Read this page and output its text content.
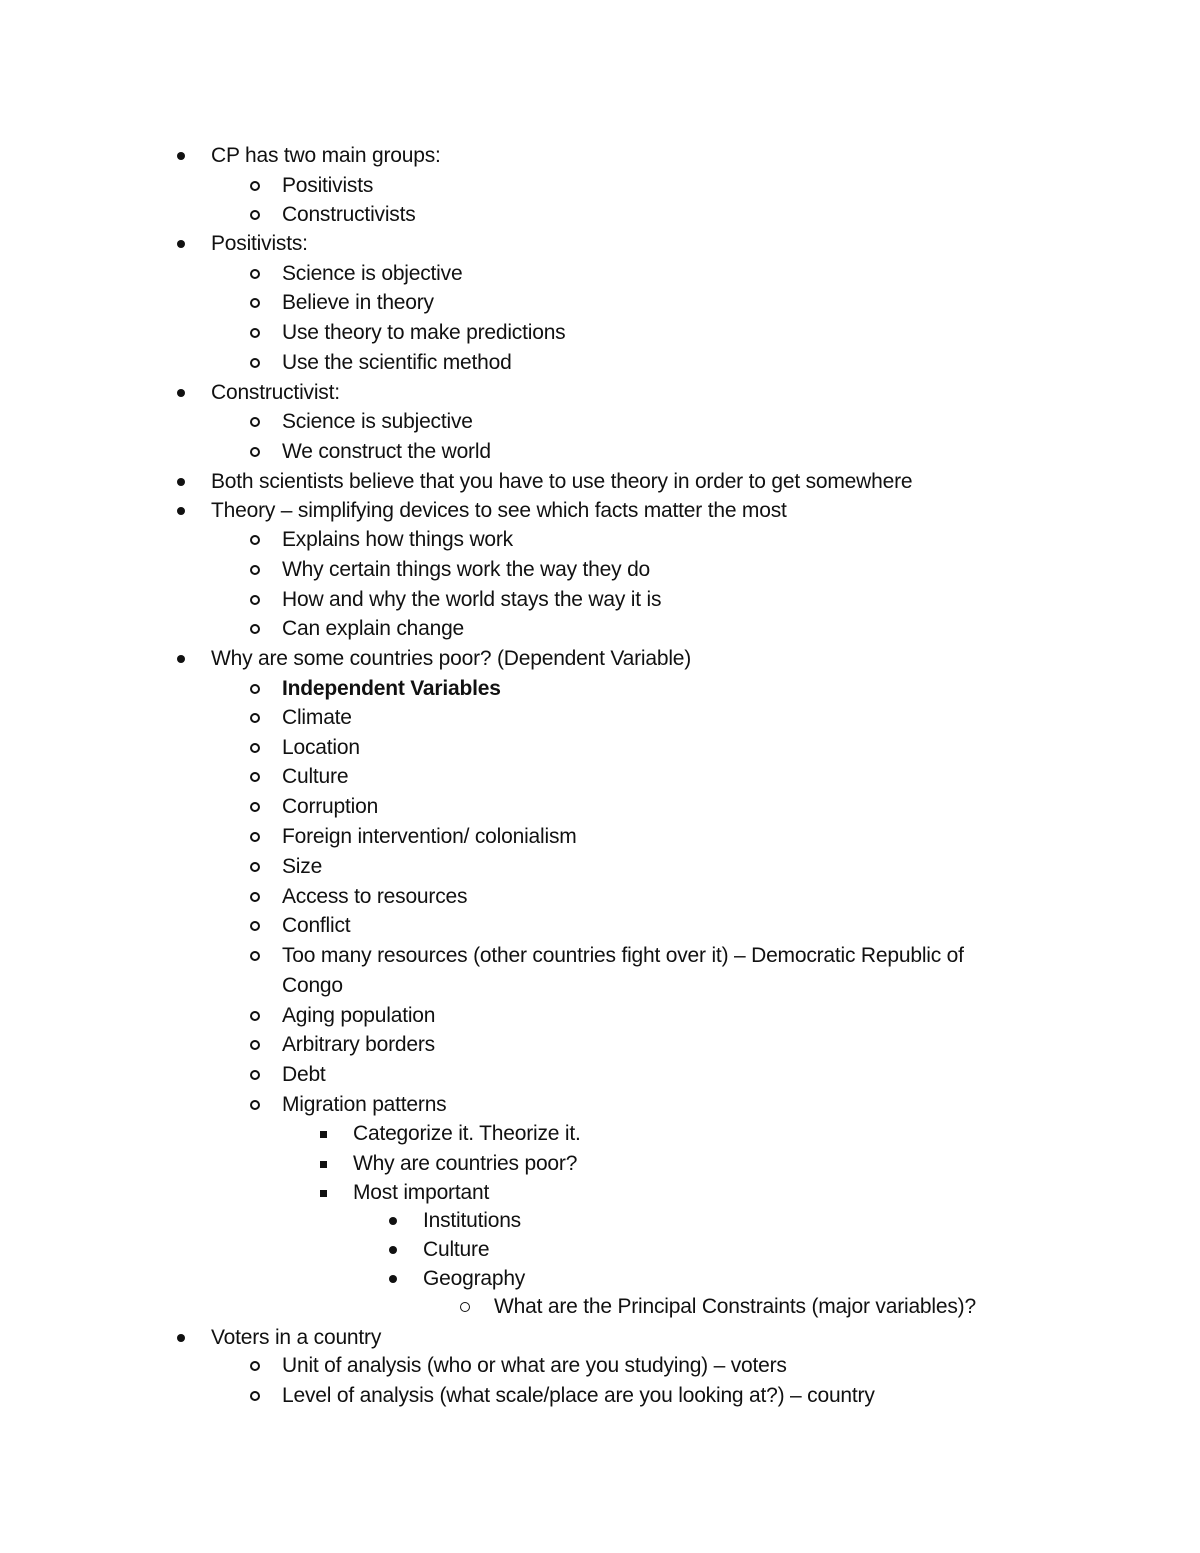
CP has two main groups:
Positivists
Constructivists
Positivists:
Science is objective
Believe in theory
Use theory to make predictions
Use the scientific method
Constructivist:
Science is subjective
We construct the world
Both scientists believe that you have to use theory in order to get somewhere
Theory – simplifying devices to see which facts matter the most
Explains how things work
Why certain things work the way they do
How and why the world stays the way it is
Can explain change
Why are some countries poor? (Dependent Variable)
Independent Variables
Climate
Location
Culture
Corruption
Foreign intervention/ colonialism
Size
Access to resources
Conflict
Too many resources (other countries fight over it) – Democratic Republic of
Congo
Aging population
Arbitrary borders
Debt
Migration patterns
Categorize it. Theorize it.
Why are countries poor?
Most important
Institutions
Culture
Geography
What are the Principal Constraints (major variables)?
Voters in a country
Unit of analysis (who or what are you studying) – voters
Level of analysis (what scale/place are you looking at?) – country
